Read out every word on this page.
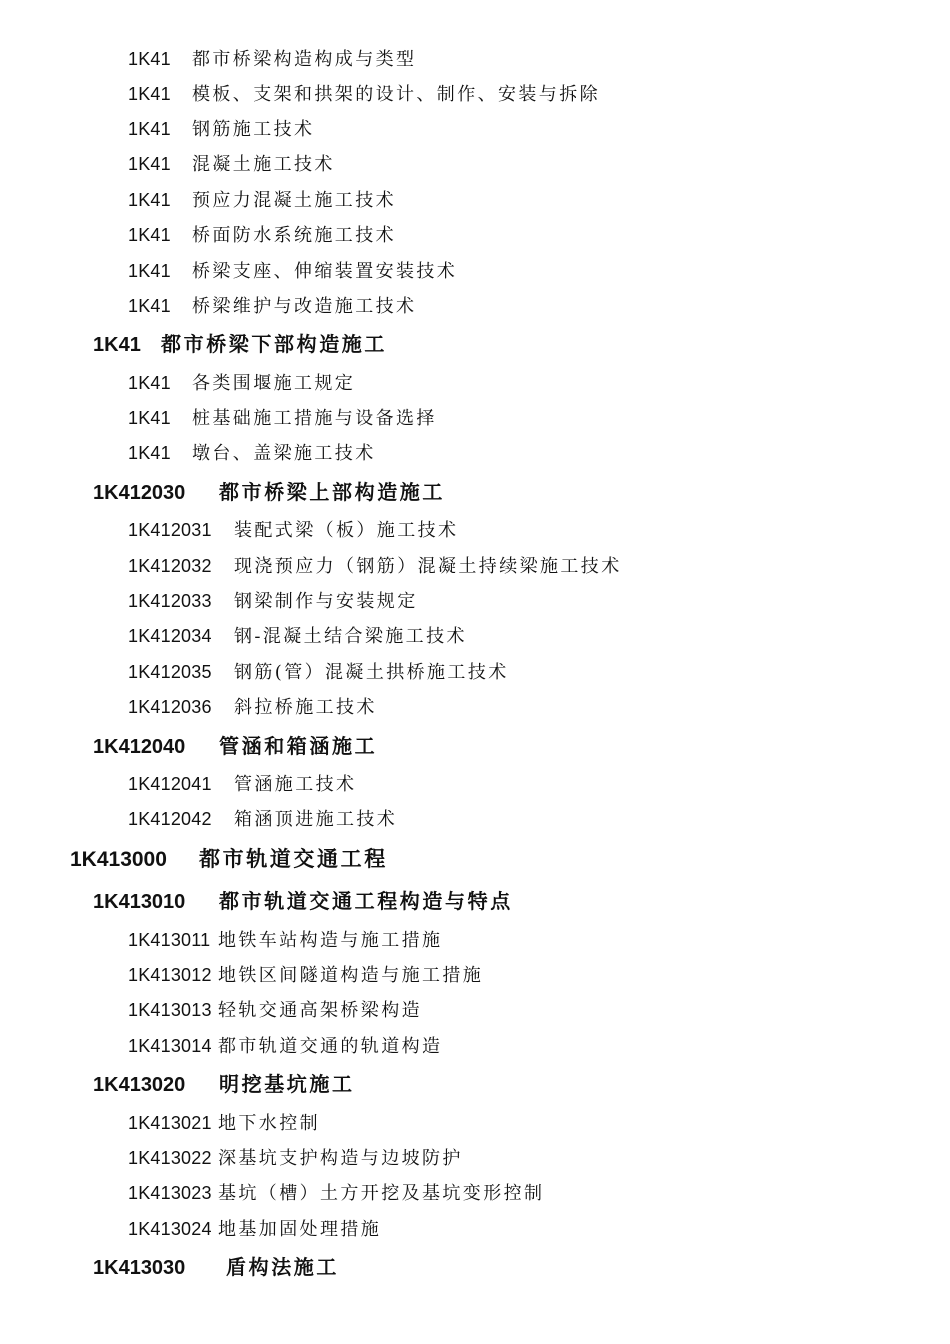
1K41 都市桥梁构造构成与类型
1K41 模板、支架和拱架的设计、制作、安装与拆除
1K41 钢筋施工技术
1K41 混凝土施工技术
1K41 预应力混凝土施工技术
1K41 桥面防水系统施工技术
1K41 桥梁支座、伸缩装置安装技术
1K41 桥梁维护与改造施工技术
1K41 都市桥梁下部构造施工
1K41 各类围堰施工规定
1K41 桩基础施工措施与设备选择
1K41 墩台、盖梁施工技术
1K412030 都市桥梁上部构造施工
1K412031 装配式梁（板）施工技术
1K412032 现浇预应力（钢筋）混凝土持续梁施工技术
1K412033 钢梁制作与安装规定
1K412034 钢-混凝土结合梁施工技术
1K412035 钢筋(管）混凝土拱桥施工技术
1K412036 斜拉桥施工技术
1K412040 管涵和箱涵施工
1K412041 管涵施工技术
1K412042 箱涵顶进施工技术
1K413000 都市轨道交通工程
1K413010 都市轨道交通工程构造与特点
1K413011 地铁车站构造与施工措施
1K413012 地铁区间隧道构造与施工措施
1K413013 轻轨交通高架桥梁构造
1K413014 都市轨道交通的轨道构造
1K413020 明挖基坑施工
1K413021 地下水控制
1K413022 深基坑支护构造与边坡防护
1K413023 基坑（槽）土方开挖及基坑变形控制
1K413024 地基加固处理措施
1K413030 盾构法施工
